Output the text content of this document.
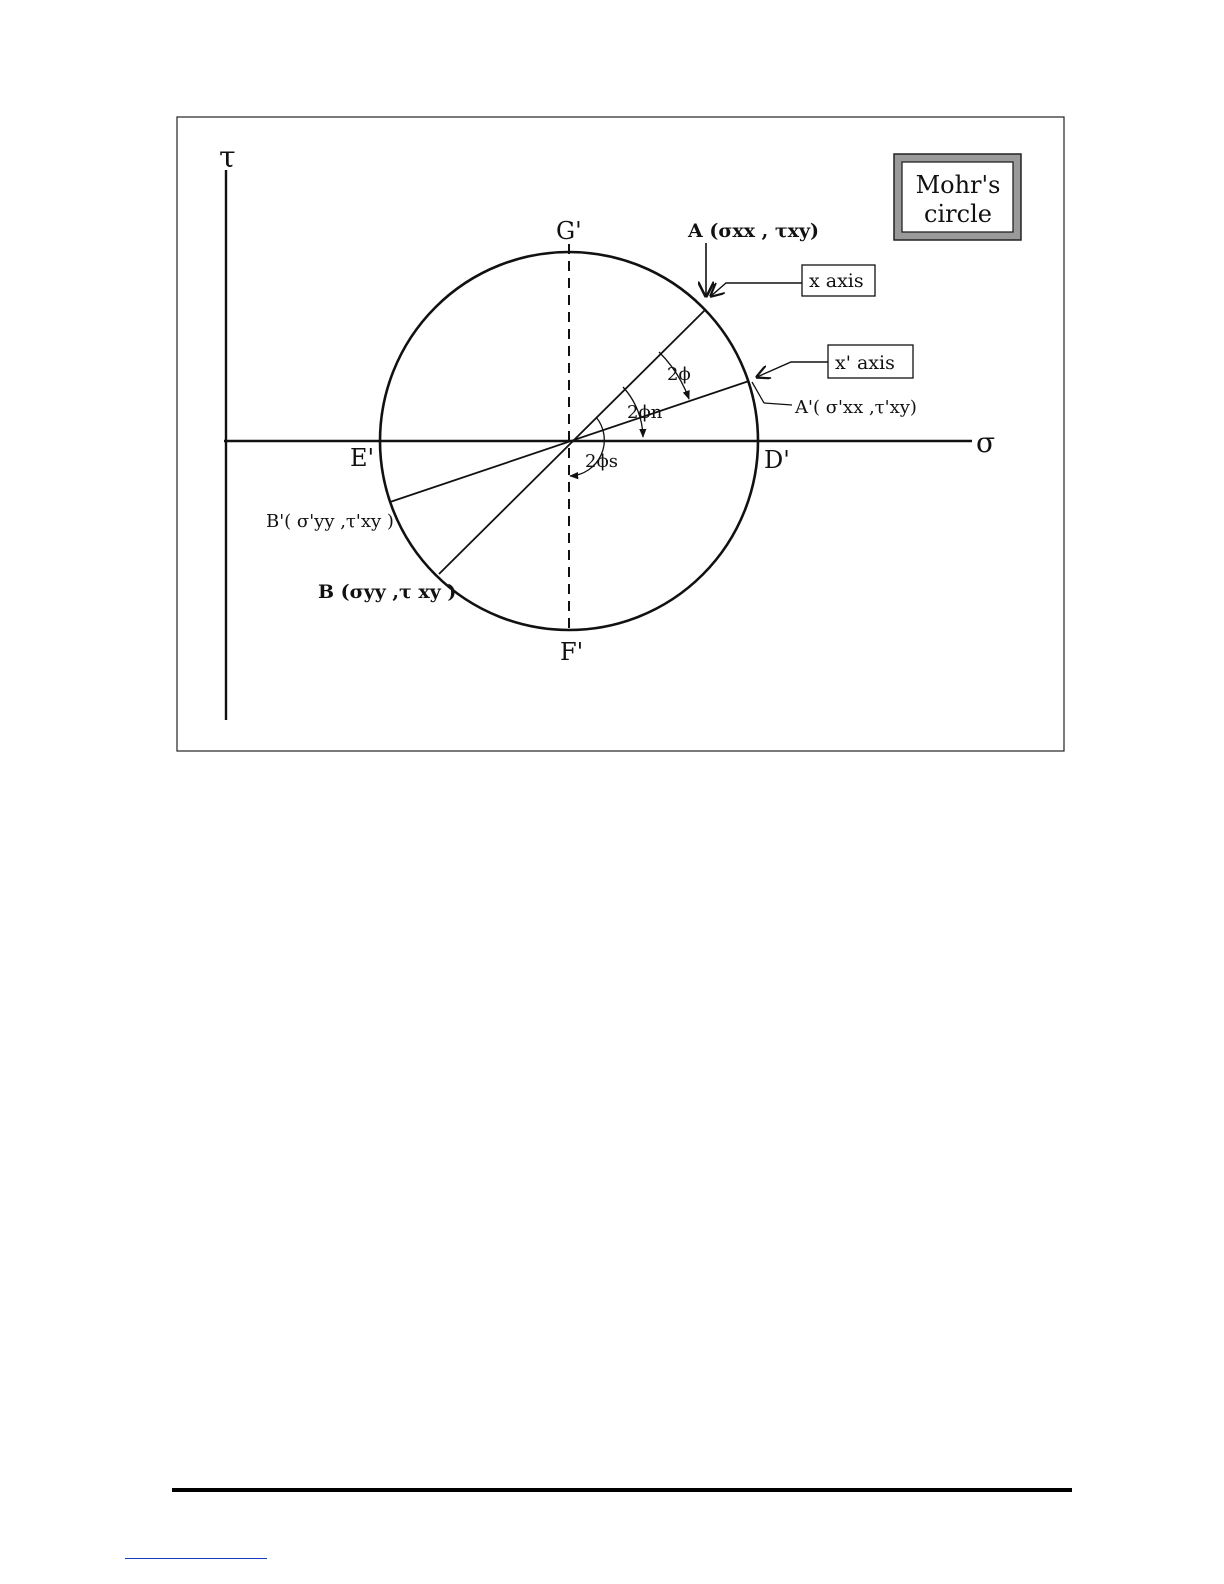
τ
σ
2ϕ
2ϕn
2ϕs
G'
F'
E'	D'
A (σxx , τxy)
A'( σ'xx ,τ'xy)
B'( σ'yy ,τ'xy )
B (σyy ,τ xy )
x axis
x' axis
Mohr's
circle
